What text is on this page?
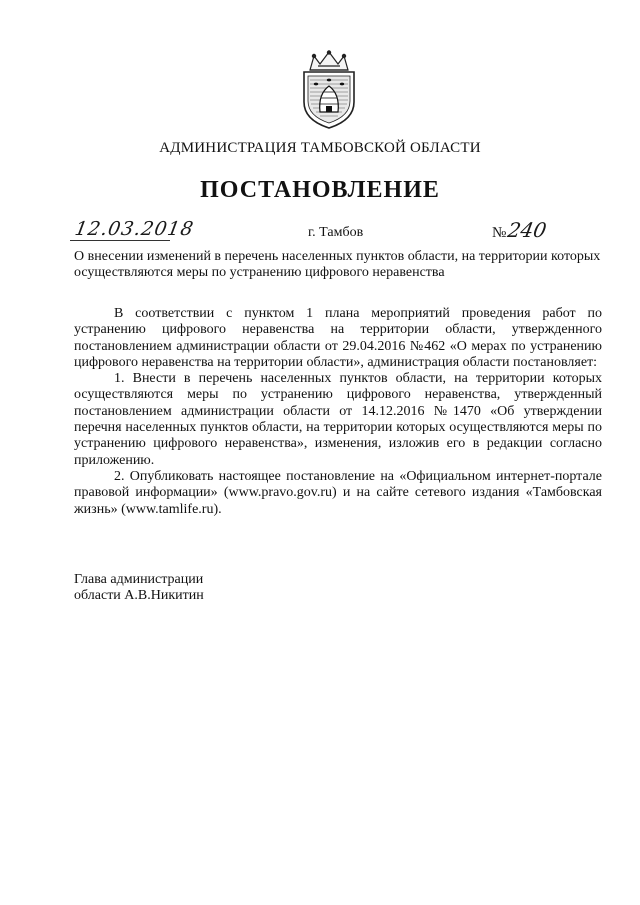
АДМИНИСТРАЦИЯ ТАМБОВСКОЙ ОБЛАСТИ
ПОСТАНОВЛЕНИЕ
12.03.2018	г. Тамбов	№240

О внесении изменений в перечень населенных пунктов области, на территории которых осуществляются меры по устранению цифрового неравенства

В соответствии с пунктом 1 плана мероприятий проведения работ по устранению цифрового неравенства на территории области, утвержденного постановлением администрации области от 29.04.2016 №462 «О мерах по устранению цифрового неравенства на территории области», администрация области постановляет:

1. Внести в перечень населенных пунктов области, на территории которых осуществляются меры по устранению цифрового неравенства, утвержденный постановлением администрации области от 14.12.2016 №1470 «Об утверждении перечня населенных пунктов области, на территории которых осуществляются меры по устранению цифрового неравенства», изменения, изложив его в редакции согласно приложению.

2. Опубликовать настоящее постановление на «Официальном интернет-портале правовой информации» (www.pravo.gov.ru) и на сайте сетевого издания «Тамбовская жизнь» (www.tamlife.ru).

Глава администрации
области А.В.Никитин
